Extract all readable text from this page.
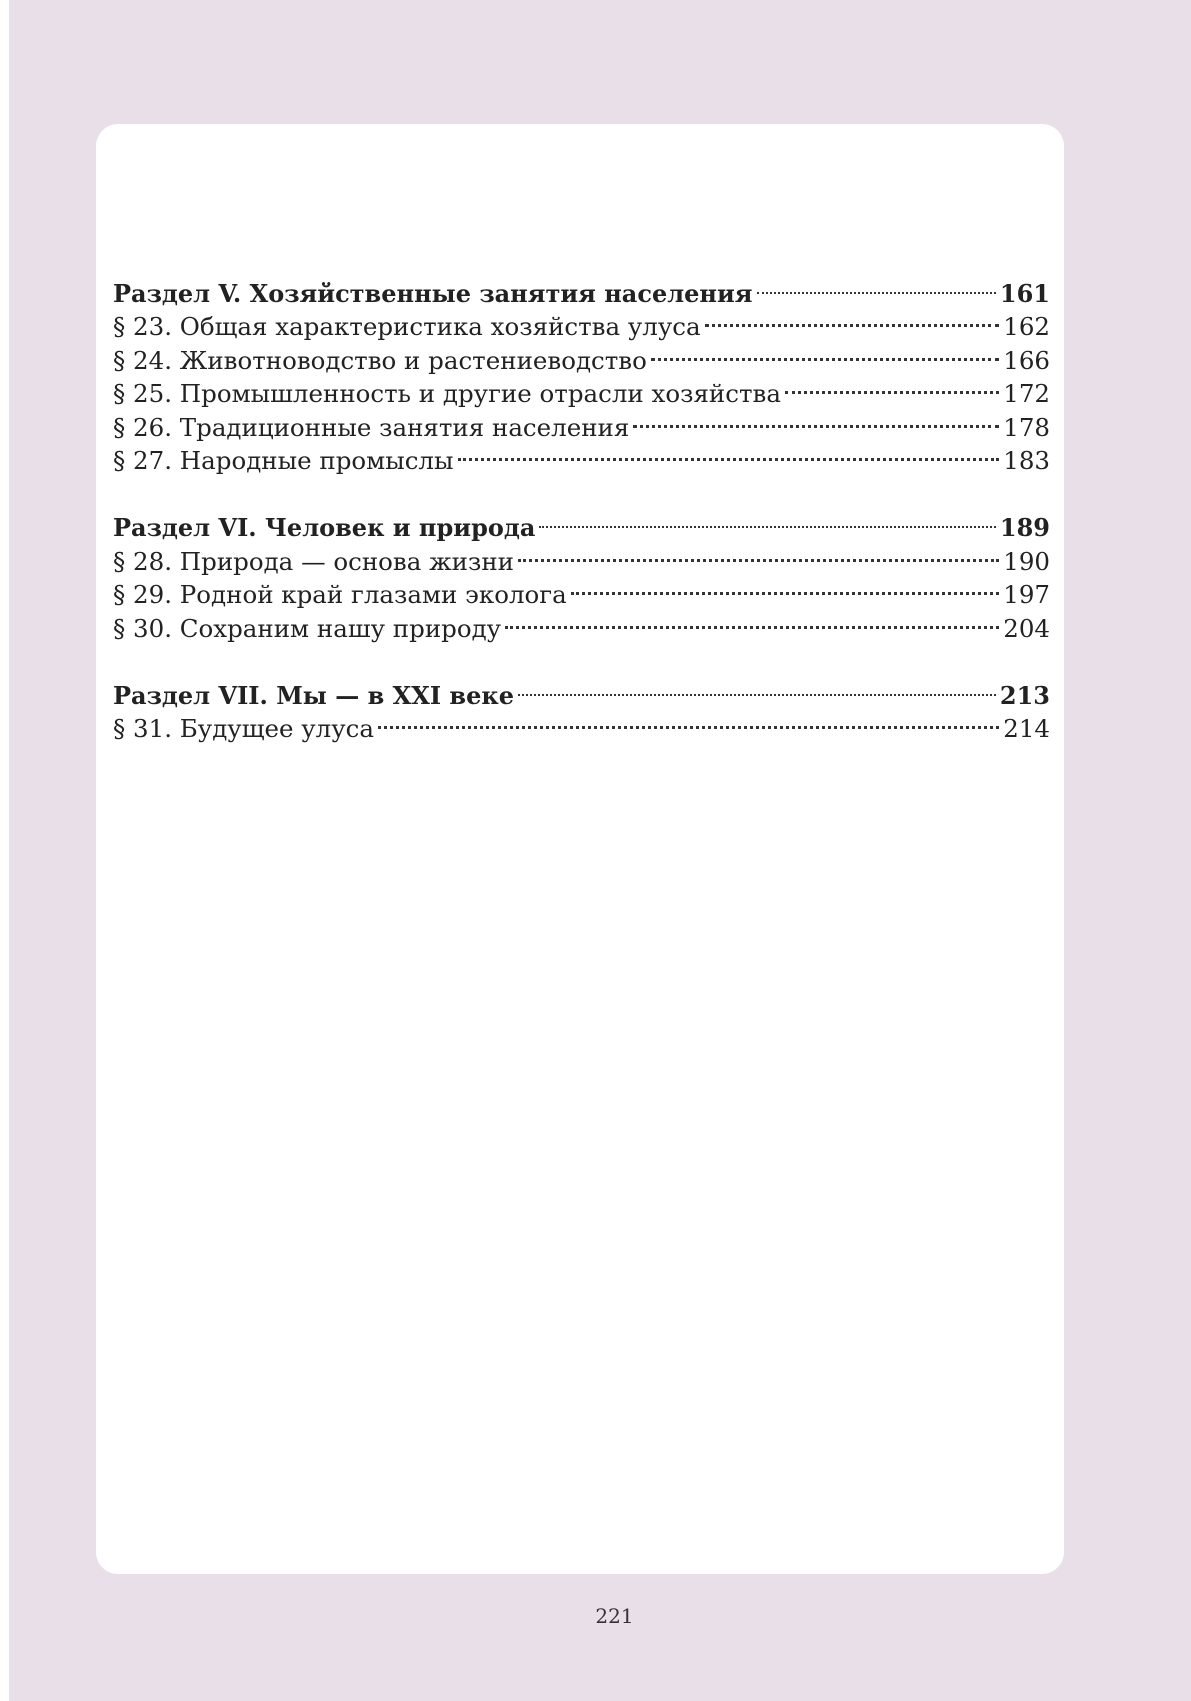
Раздел V. Хозяйственные занятия населения	161
§ 23. Общая характеристика хозяйства улуса	162
§ 24. Животноводство и растениеводство	166
§ 25. Промышленность и другие отрасли хозяйства	172
§ 26. Традиционные занятия населения	178
§ 27. Народные промыслы	183
Раздел VI. Человек и природа	189
§ 28. Природа — основа жизни	190
§ 29. Родной край глазами эколога	197
§ 30. Сохраним нашу природу	204
Раздел VII. Мы — в XXI веке	213
§ 31. Будущее улуса	214
221
